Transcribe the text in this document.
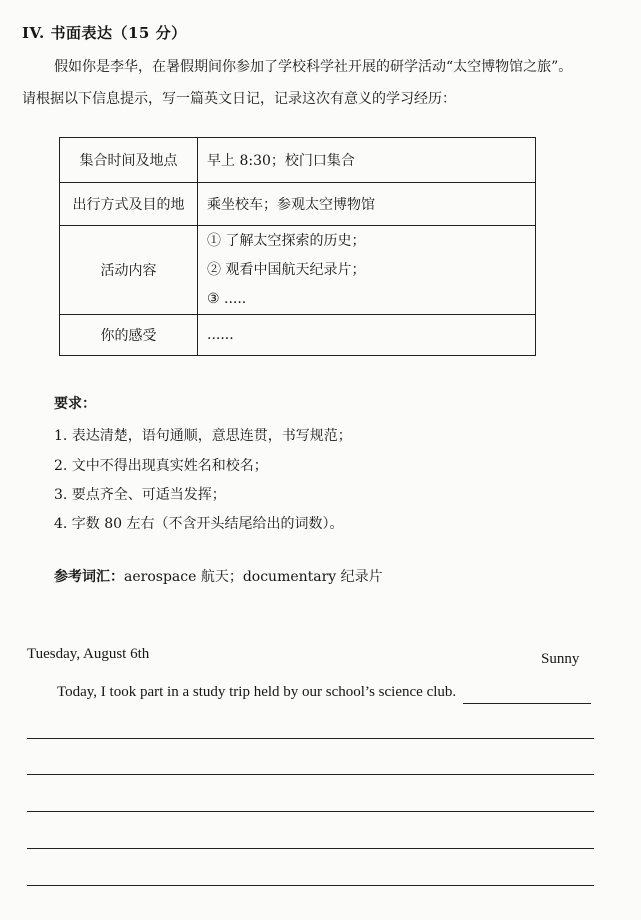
IV. 书面表达（15 分）
假如你是李华，在暑假期间你参加了学校科学社开展的研学活动“太空博物馆之旅”。
请根据以下信息提示，写一篇英文日记，记录这次有意义的学习经历：
集合时间及地点	早上 8:30；校门口集合
出行方式及目的地	乘坐校车；参观太空博物馆
活动内容	① 了解太空探索的历史；
② 观看中国航天纪录片；
③ .....

你的感受	......
要求：
1. 表达清楚，语句通顺，意思连贯，书写规范；
2. 文中不得出现真实姓名和校名；
3. 要点齐全、可适当发挥；
4. 字数 80 左右（不含开头结尾给出的词数）。
参考词汇：aerospace 航天；documentary 纪录片
Tuesday, August 6th	Sunny
Today, I took part in a study trip held by our school’s science club.
